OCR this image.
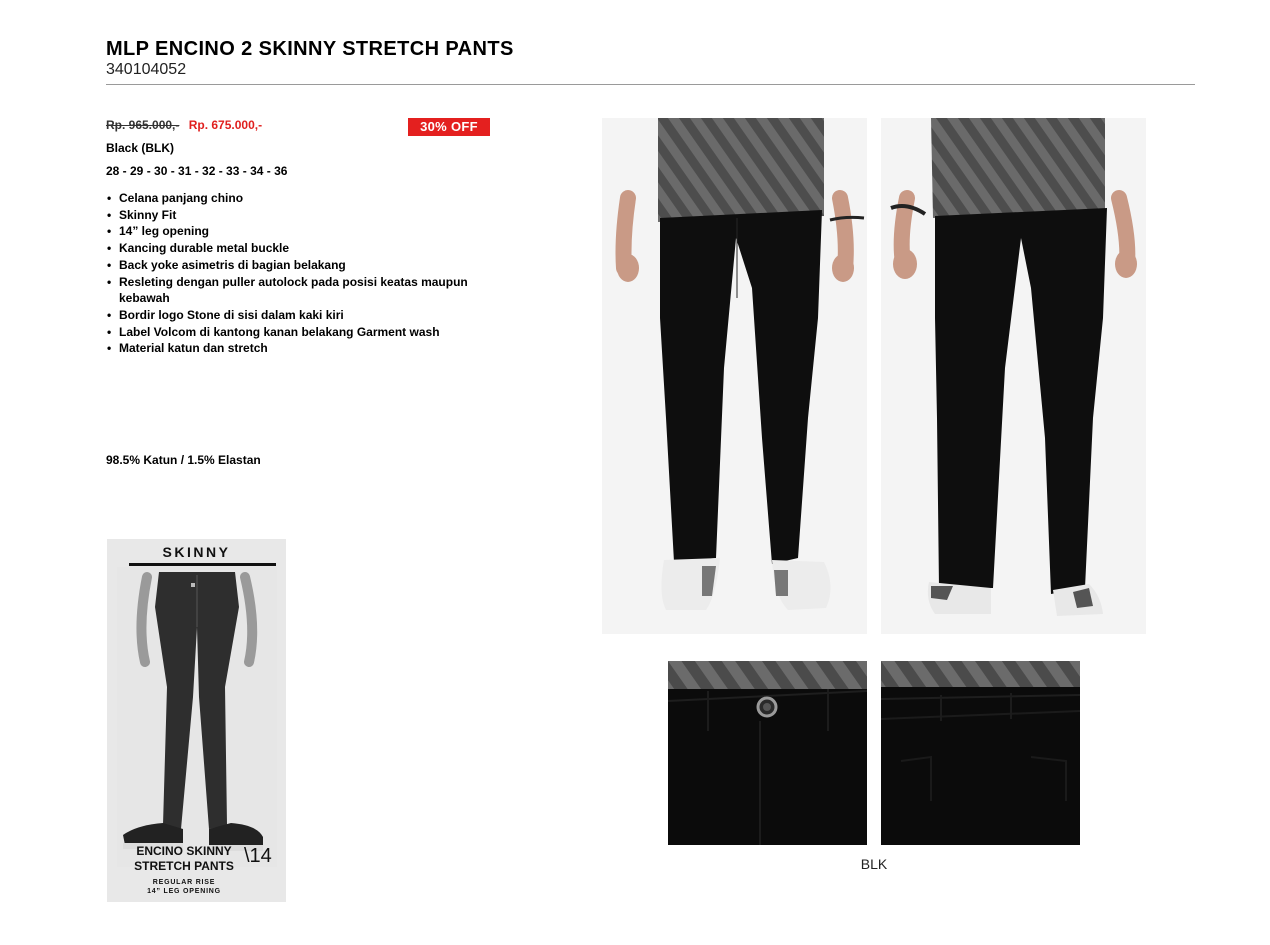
MLP ENCINO 2 SKINNY STRETCH PANTS
340104052
Rp. 965.000,- Rp. 675.000,-	30% OFF
Black (BLK)
28 - 29 - 30 - 31 - 32 - 33 - 34 - 36
• Celana panjang chino
• Skinny Fit
• 14” leg opening
• Kancing durable metal buckle
• Back yoke asimetris di bagian belakang
• Resleting dengan puller autolock pada posisi keatas maupun kebawah
• Bordir logo Stone di sisi dalam kaki kiri
• Label Volcom di kantong kanan belakang Garment wash
• Material katun dan stretch
98.5% Katun / 1.5% Elastan
SKINNY
ENCINO SKINNY STRETCH PANTS
REGULAR RISE
14” LEG OPENING
\14	BLK
